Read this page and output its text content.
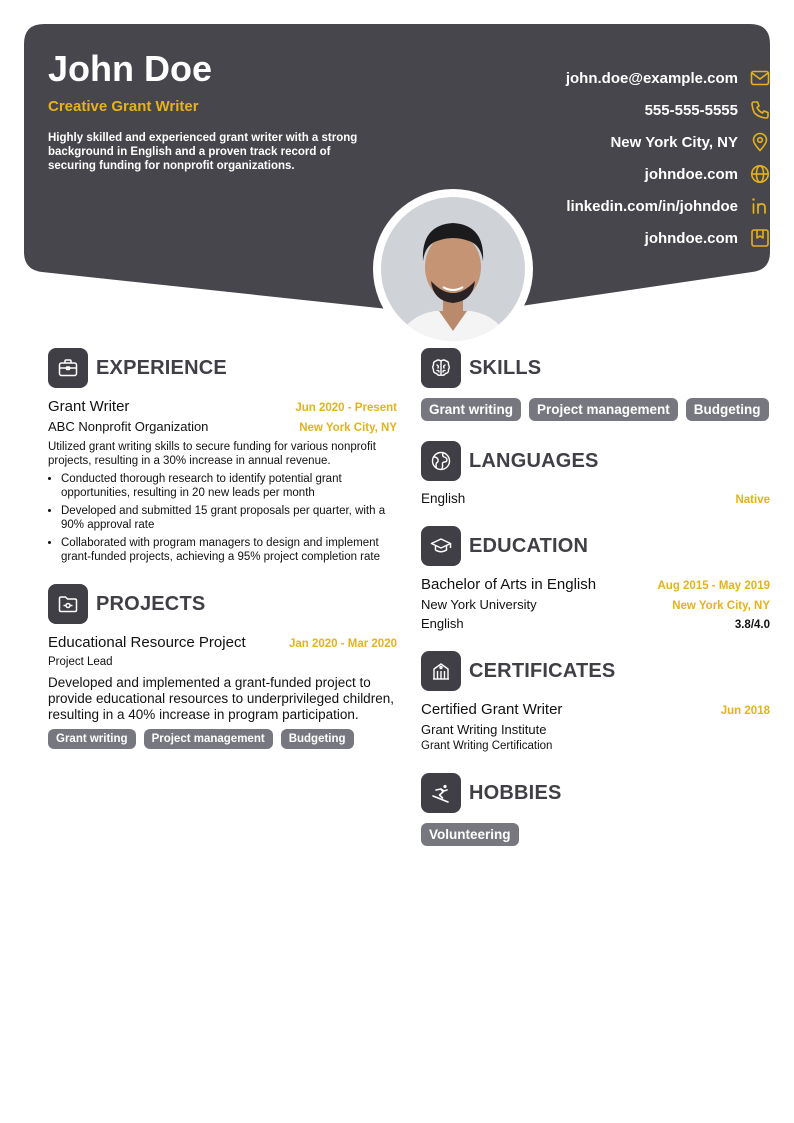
John Doe
Creative Grant Writer
Highly skilled and experienced grant writer with a strong background in English and a proven track record of securing funding for nonprofit organizations.
john.doe@example.com
555-555-5555
New York City, NY
johndoe.com
linkedin.com/in/johndoe
johndoe.com
EXPERIENCE
Grant Writer	Jun 2020 - Present
ABC Nonprofit Organization	New York City, NY
Utilized grant writing skills to secure funding for various nonprofit projects, resulting in a 30% increase in annual revenue.
• Conducted thorough research to identify potential grant opportunities, resulting in 20 new leads per month
• Developed and submitted 15 grant proposals per quarter, with a 90% approval rate
• Collaborated with program managers to design and implement grant-funded projects, achieving a 95% project completion rate
PROJECTS
Educational Resource Project	Jan 2020 - Mar 2020
Project Lead
Developed and implemented a grant-funded project to provide educational resources to underprivileged children, resulting in a 40% increase in program participation.
Grant writing	Project management	Budgeting
SKILLS
Grant writing	Project management	Budgeting
LANGUAGES
English	Native
EDUCATION
Bachelor of Arts in English	Aug 2015 - May 2019
New York University	New York City, NY
English	3.8/4.0
CERTIFICATES
Certified Grant Writer	Jun 2018
Grant Writing Institute
Grant Writing Certification
HOBBIES
Volunteering
